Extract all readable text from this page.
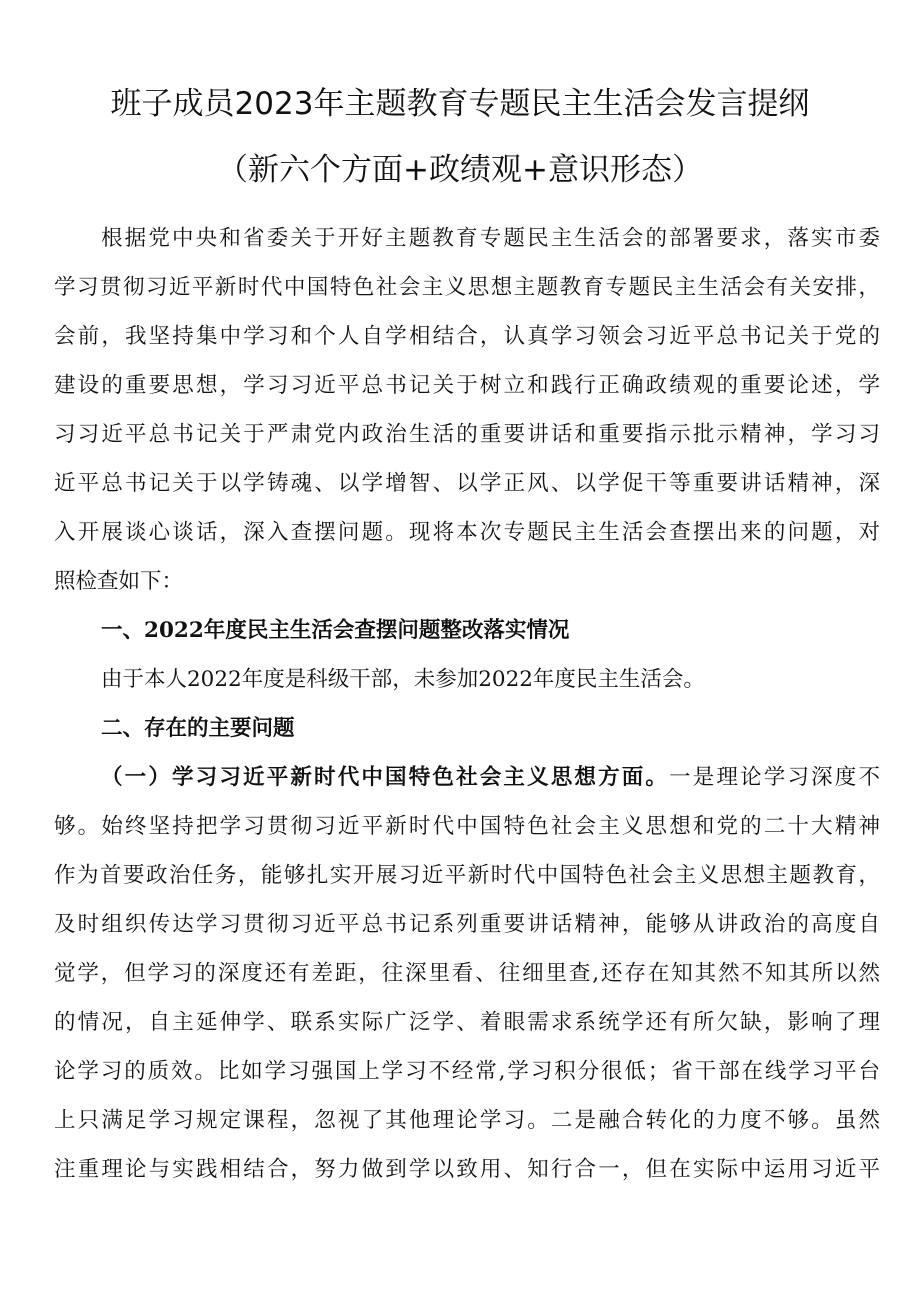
班子成员2023年主题教育专题民主生活会发言提纲
（新六个方面+政绩观+意识形态）
根据党中央和省委关于开好主题教育专题民主生活会的部署要求，落实市委
学习贯彻习近平新时代中国特色社会主义思想主题教育专题民主生活会有关安排，
会前，我坚持集中学习和个人自学相结合，认真学习领会习近平总书记关于党的
建设的重要思想，学习习近平总书记关于树立和践行正确政绩观的重要论述，学
习习近平总书记关于严肃党内政治生活的重要讲话和重要指示批示精神，学习习
近平总书记关于以学铸魂、以学增智、以学正风、以学促干等重要讲话精神，深
入开展谈心谈话，深入查摆问题。现将本次专题民主生活会查摆出来的问题，对
照检查如下：
一、2022年度民主生活会查摆问题整改落实情况
由于本人2022年度是科级干部，未参加2022年度民主生活会。
二、存在的主要问题
（一）学习习近平新时代中国特色社会主义思想方面。一是理论学习深度不
够。始终坚持把学习贯彻习近平新时代中国特色社会主义思想和党的二十大精神
作为首要政治任务，能够扎实开展习近平新时代中国特色社会主义思想主题教育，
及时组织传达学习贯彻习近平总书记系列重要讲话精神，能够从讲政治的高度自
觉学，但学习的深度还有差距，往深里看、往细里查,还存在知其然不知其所以然
的情况，自主延伸学、联系实际广泛学、着眼需求系统学还有所欠缺，影响了理
论学习的质效。比如学习强国上学习不经常,学习积分很低；省干部在线学习平台
上只满足学习规定课程，忽视了其他理论学习。二是融合转化的力度不够。虽然
注重理论与实践相结合，努力做到学以致用、知行合一，但在实际中运用习近平
